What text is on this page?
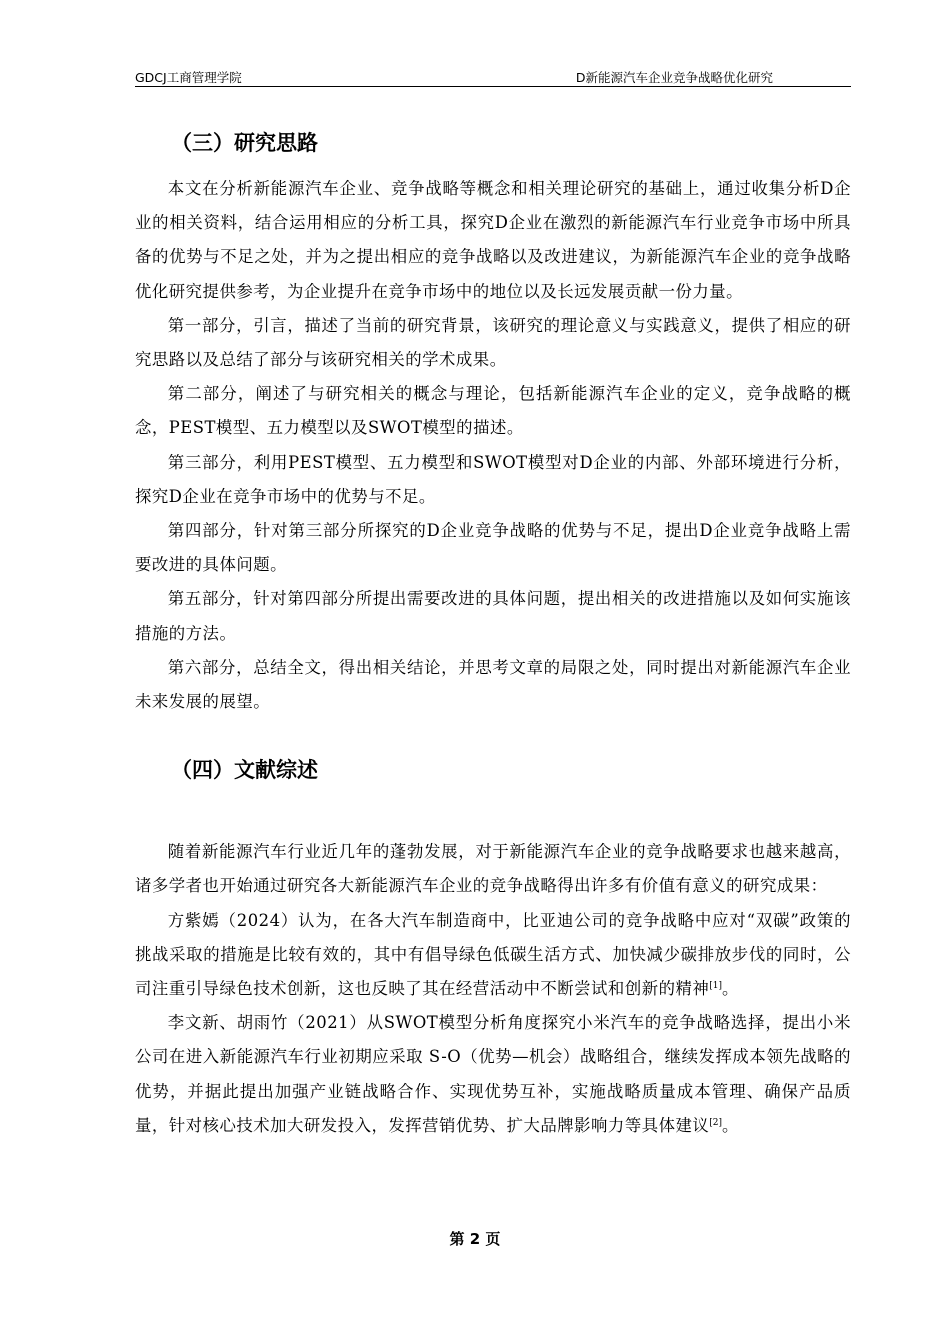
GDCJ工商管理学院	D新能源汽车企业竞争战略优化研究
（三）研究思路

本文在分析新能源汽车企业、竞争战略等概念和相关理论研究的基础上，通过收集分析D企业的相关资料，结合运用相应的分析工具，探究D企业在激烈的新能源汽车行业竞争市场中所具备的优势与不足之处，并为之提出相应的竞争战略以及改进建议，为新能源汽车企业的竞争战略优化研究提供参考，为企业提升在竞争市场中的地位以及长远发展贡献一份力量。

第一部分，引言，描述了当前的研究背景，该研究的理论意义与实践意义，提供了相应的研究思路以及总结了部分与该研究相关的学术成果。

第二部分，阐述了与研究相关的概念与理论，包括新能源汽车企业的定义，竞争战略的概念，PEST模型、五力模型以及SWOT模型的描述。

第三部分，利用PEST模型、五力模型和SWOT模型对D企业的内部、外部环境进行分析，探究D企业在竞争市场中的优势与不足。

第四部分，针对第三部分所探究的D企业竞争战略的优势与不足，提出D企业竞争战略上需要改进的具体问题。

第五部分，针对第四部分所提出需要改进的具体问题，提出相关的改进措施以及如何实施该措施的方法。

第六部分，总结全文，得出相关结论，并思考文章的局限之处，同时提出对新能源汽车企业未来发展的展望。

（四）文献综述

随着新能源汽车行业近几年的蓬勃发展，对于新能源汽车企业的竞争战略要求也越来越高，诸多学者也开始通过研究各大新能源汽车企业的竞争战略得出许多有价值有意义的研究成果：

方紫嫣（2024）认为，在各大汽车制造商中，比亚迪公司的竞争战略中应对“双碳”政策的挑战采取的措施是比较有效的，其中有倡导绿色低碳生活方式、加快减少碳排放步伐的同时，公司注重引导绿色技术创新，这也反映了其在经营活动中不断尝试和创新的精神[1]。

李文新、胡雨竹（2021）从SWOT模型分析角度探究小米汽车的竞争战略选择，提出小米公司在进入新能源汽车行业初期应采取 S-O（优势—机会）战略组合，继续发挥成本领先战略的优势，并据此提出加强产业链战略合作、实现优势互补，实施战略质量成本管理、确保产品质量，针对核心技术加大研发投入，发挥营销优势、扩大品牌影响力等具体建议[2]。

第 2 页
